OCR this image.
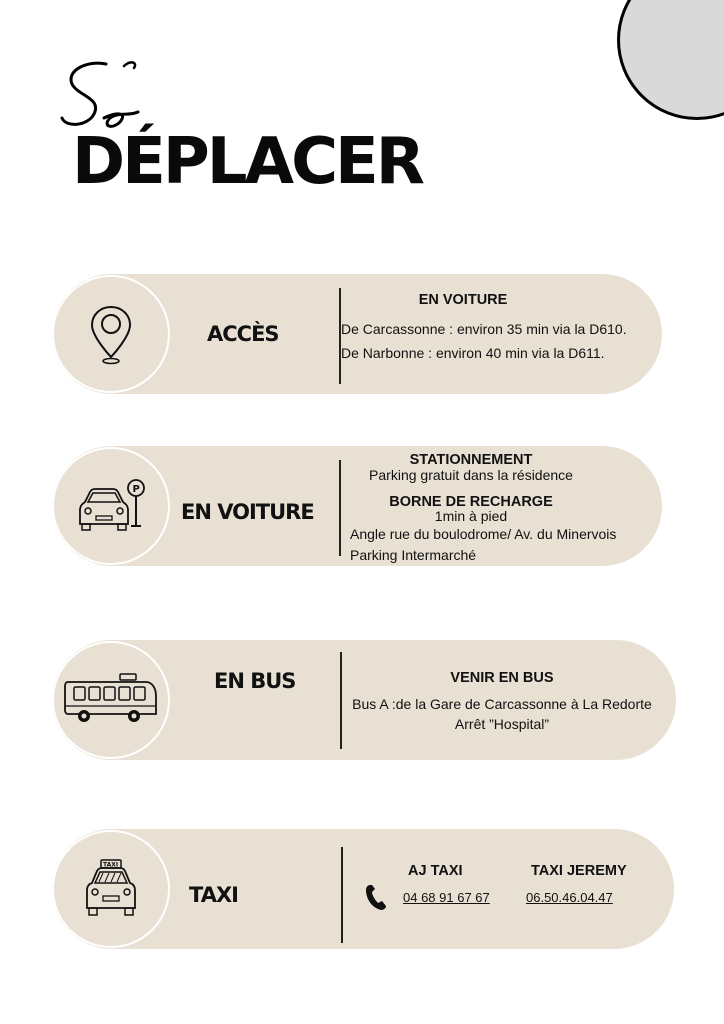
DÉPLACER
ACCÈS
EN VOITURE
De Carcassonne : environ 35 min via la D610.
De Narbonne : environ 40 min via la D611.
P
EN VOITURE
STATIONNEMENT
Parking gratuit dans la résidence
BORNE DE RECHARGE
1min à pied
Angle rue du boulodrome/ Av. du Minervois
Parking Intermarché
EN BUS	VENIR EN BUS
Bus A :de la Gare de Carcassonne à La Redorte
Arrêt ”Hospital”
TAXI
TAXI
AJ TAXI
04 68 91 67 67
TAXI JEREMY
06.50.46.04.47
